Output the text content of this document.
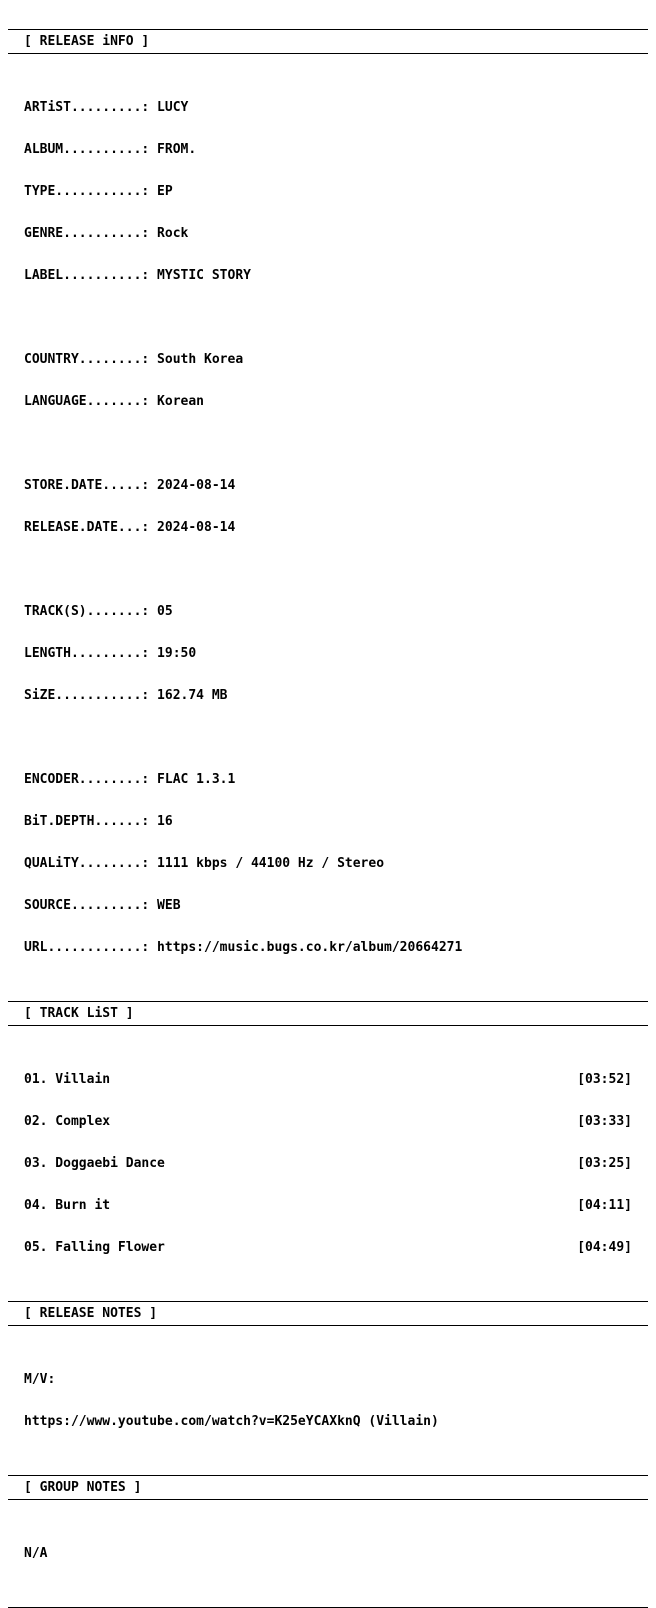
[ RELEASE iNFO ]

ARTiST.........: LUCY

ALBUM..........: FROM.

TYPE...........: EP

GENRE..........: Rock

LABEL..........: MYSTIC STORY

COUNTRY........: South Korea

LANGUAGE.......: Korean

STORE.DATE.....: 2024-08-14

RELEASE.DATE...: 2024-08-14

TRACK(S).......: 05

LENGTH.........: 19:50

SiZE...........: 162.74 MB

ENCODER........: FLAC 1.3.1

BiT.DEPTH......: 16

QUALiTY........: 1111 kbps / 44100 Hz / Stereo

SOURCE.........: WEB

URL............: https://music.bugs.co.kr/album/20664271

[ TRACK LiST ]

01. Villain	[03:52]

02. Complex	[03:33]

03. Doggaebi Dance	[03:25]

04. Burn it	[04:11]

05. Falling Flower	[04:49]

[ RELEASE NOTES ]

M/V:

https://www.youtube.com/watch?v=K25eYCAXknQ (Villain)

[ GROUP NOTES ]

N/A
